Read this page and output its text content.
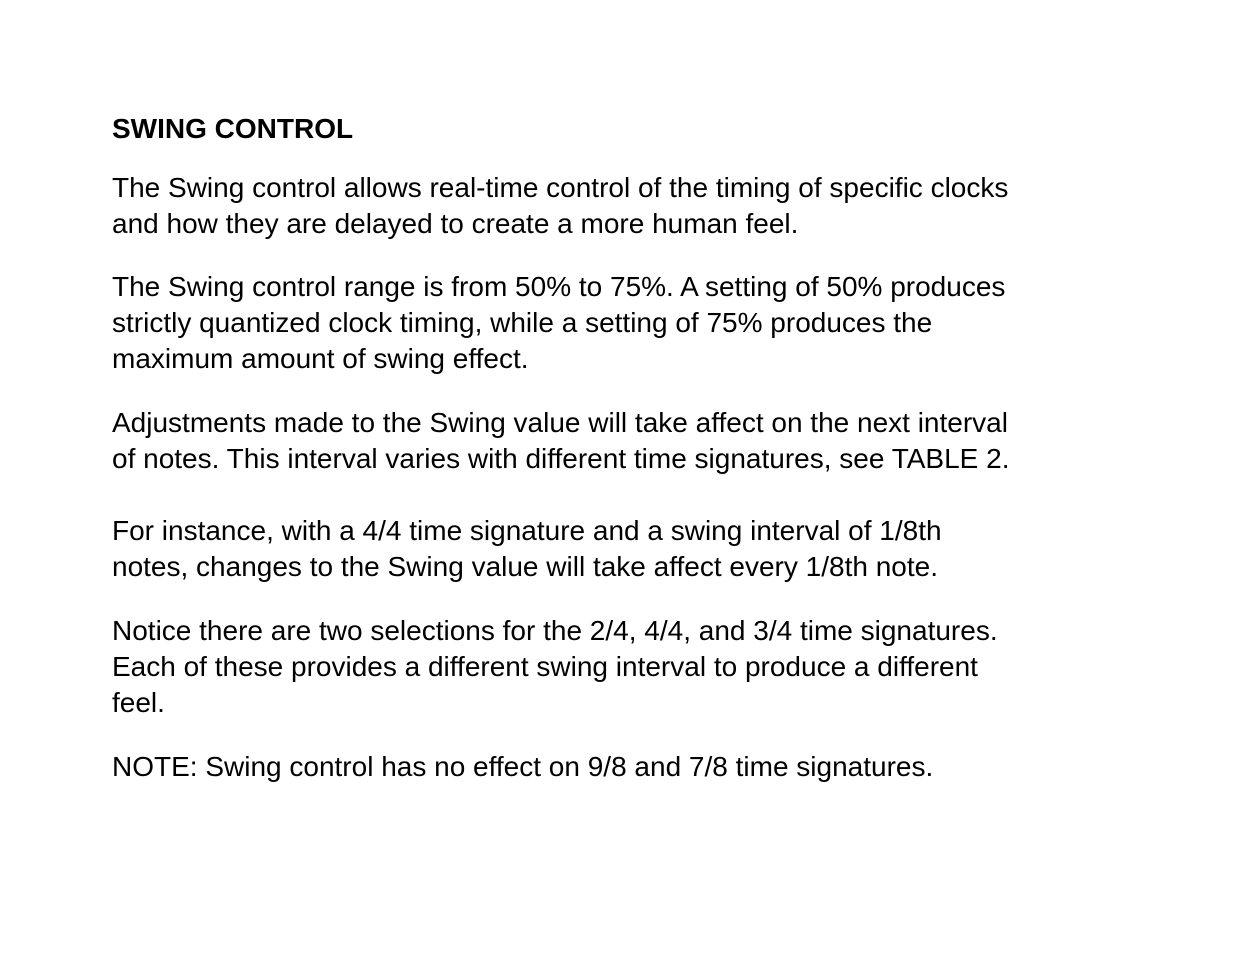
SWING CONTROL

The Swing control allows real-time control of the timing of specific clocks
and how they are delayed to create a more human feel.

The Swing control range is from 50% to 75%. A setting of 50% produces
strictly quantized clock timing, while a setting of 75% produces the
maximum amount of swing effect.

Adjustments made to the Swing value will take affect on the next interval
of notes. This interval varies with different time signatures, see TABLE 2.

For instance, with a 4/4 time signature and a swing interval of 1/8th
notes, changes to the Swing value will take affect every 1/8th note.

Notice there are two selections for the 2/4, 4/4, and 3/4 time signatures.
Each of these provides a different swing interval to produce a different
feel.

NOTE: Swing control has no effect on 9/8 and 7/8 time signatures.
